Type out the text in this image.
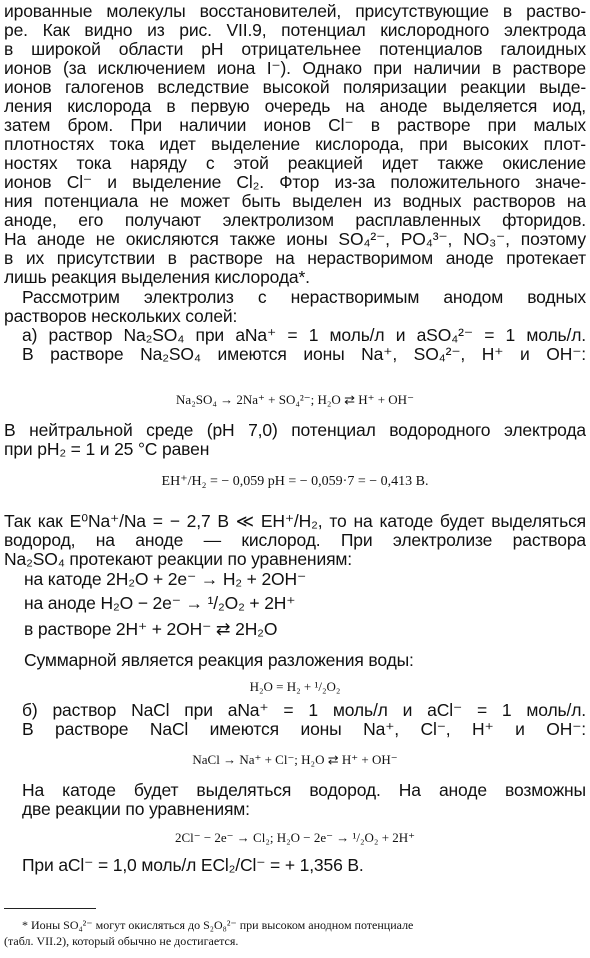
ированные молекулы восстановителей, присутствующие в раство-
ре. Как видно из рис. VII.9, потенциал кислородного электрода
в широкой области pH отрицательнее потенциалов галоидных
ионов (за исключением иона I⁻). Однако при наличии в растворе
ионов галогенов вследствие высокой поляризации реакции выде-
ления кислорода в первую очередь на аноде выделяется иод,
затем бром. При наличии ионов Cl⁻ в растворе при малых
плотностях тока идет выделение кислорода, при высоких плот-
ностях тока наряду с этой реакцией идет также окисление
ионов Cl⁻ и выделение Cl₂. Фтор из-за положительного значе-
ния потенциала не может быть выделен из водных растворов на
аноде, его получают электролизом расплавленных фторидов.
На аноде не окисляются также ионы SO₄²⁻, PO₄³⁻, NO₃⁻, поэтому
в их присутствии в растворе на нерастворимом аноде протекает
лишь реакция выделения кислорода*.
Рассмотрим электролиз с нерастворимым анодом водных
растворов нескольких солей:
а) раствор Na₂SO₄ при aNa⁺ = 1 моль/л и aSO₄²⁻ = 1 моль/л.
В растворе Na₂SO₄ имеются ионы Na⁺, SO₄²⁻, H⁺ и OH⁻:
Na₂SO₄ → 2Na⁺ + SO₄²⁻; H₂O ⇄ H⁺ + OH⁻
В нейтральной среде (pH 7,0) потенциал водородного электрода
при pH₂ = 1 и 25 °C равен
EH⁺/H₂ = − 0,059 pH = − 0,059·7 = − 0,413 В.
Так как E⁰Na⁺/Na = − 2,7 В ≪ EH⁺/H₂, то на катоде будет выделяться
водород, на аноде — кислород. При электролизе раствора
Na₂SO₄ протекают реакции по уравнениям:
на катоде 2H₂O + 2e⁻ → H₂ + 2OH⁻
на аноде H₂O − 2e⁻ → ¹/₂O₂ + 2H⁺
в растворе 2H⁺ + 2OH⁻ ⇄ 2H₂O
Суммарной является реакция разложения воды:
H₂O = H₂ + ¹/₂O₂
б) раствор NaCl при aNa⁺ = 1 моль/л и aCl⁻ = 1 моль/л.
В растворе NaCl имеются ионы Na⁺, Cl⁻, H⁺ и OH⁻:
NaCl → Na⁺ + Cl⁻; H₂O ⇄ H⁺ + OH⁻
На катоде будет выделяться водород. На аноде возможны
две реакции по уравнениям:
2Cl⁻ − 2e⁻ → Cl₂; H₂O − 2e⁻ → ¹/₂O₂ + 2H⁺
При aCl⁻ = 1,0 моль/л ECl₂/Cl⁻ = + 1,356 В.
* Ионы SO₄²⁻ могут окисляться до S₂O₈²⁻ при высоком анодном потенциале
(табл. VII.2), который обычно не достигается.
